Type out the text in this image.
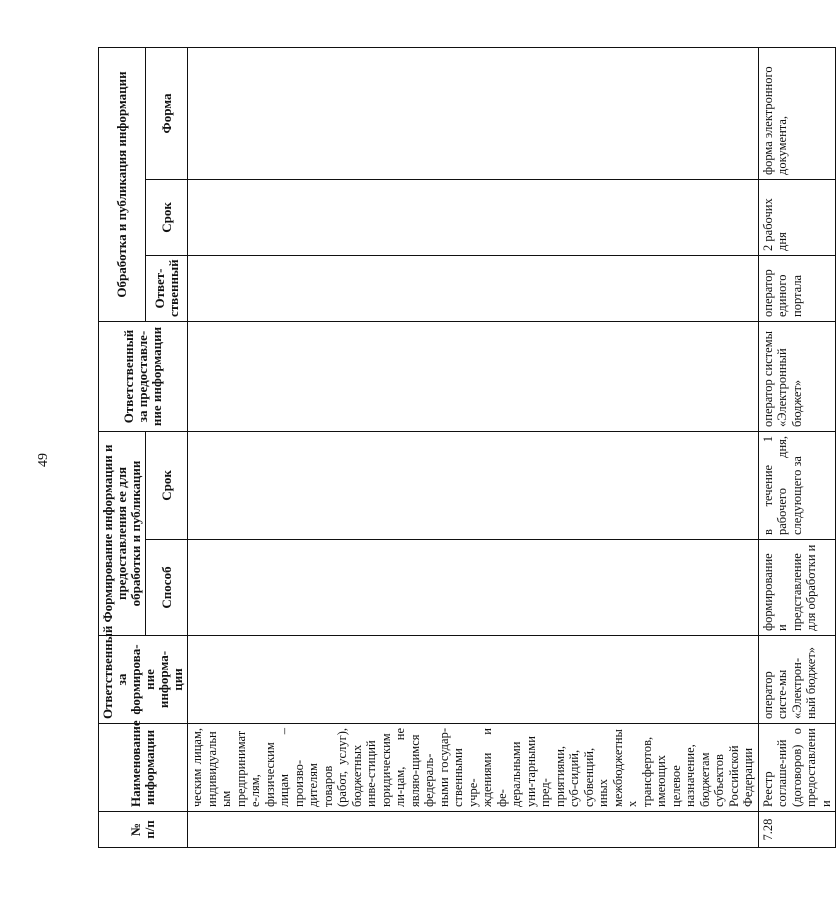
49
№ п/п	Наименование информации	Ответственный за формирова-ние информа-ции	Формирование информации и предоставления ее для обработки и публикации		Ответственный за предоставле-ние информации	Обработка и публикация информации		
			Способ	Срок		Ответ-ственный	Срок	Форма
	ческим лицам, индивидуальным предпринимате-лям, физическим лицам – произво-дителям товаров (работ, услуг), бюджетных инве-стиций юридическим ли-цам, не являю-щимся федераль-ными государ-ственными учре-ждениями и фе-деральными уни-тарными пред-приятиями, суб-сидий, субвенций, иных межбюджетных трансфертов, имеющих целевое назначение, бюджетам субъектов Российской Федерации							
7.28	Реестр соглаше-ний (договоров) о предоставлении	оператор систе-мы «Электрон-ный бюджет»	формирование и представление для обработки и	в течение 1 рабочего дня, следующего за	оператор системы «Электронный бюджет»	оператор единого портала	2 рабочих дня	форма электронного документа,
